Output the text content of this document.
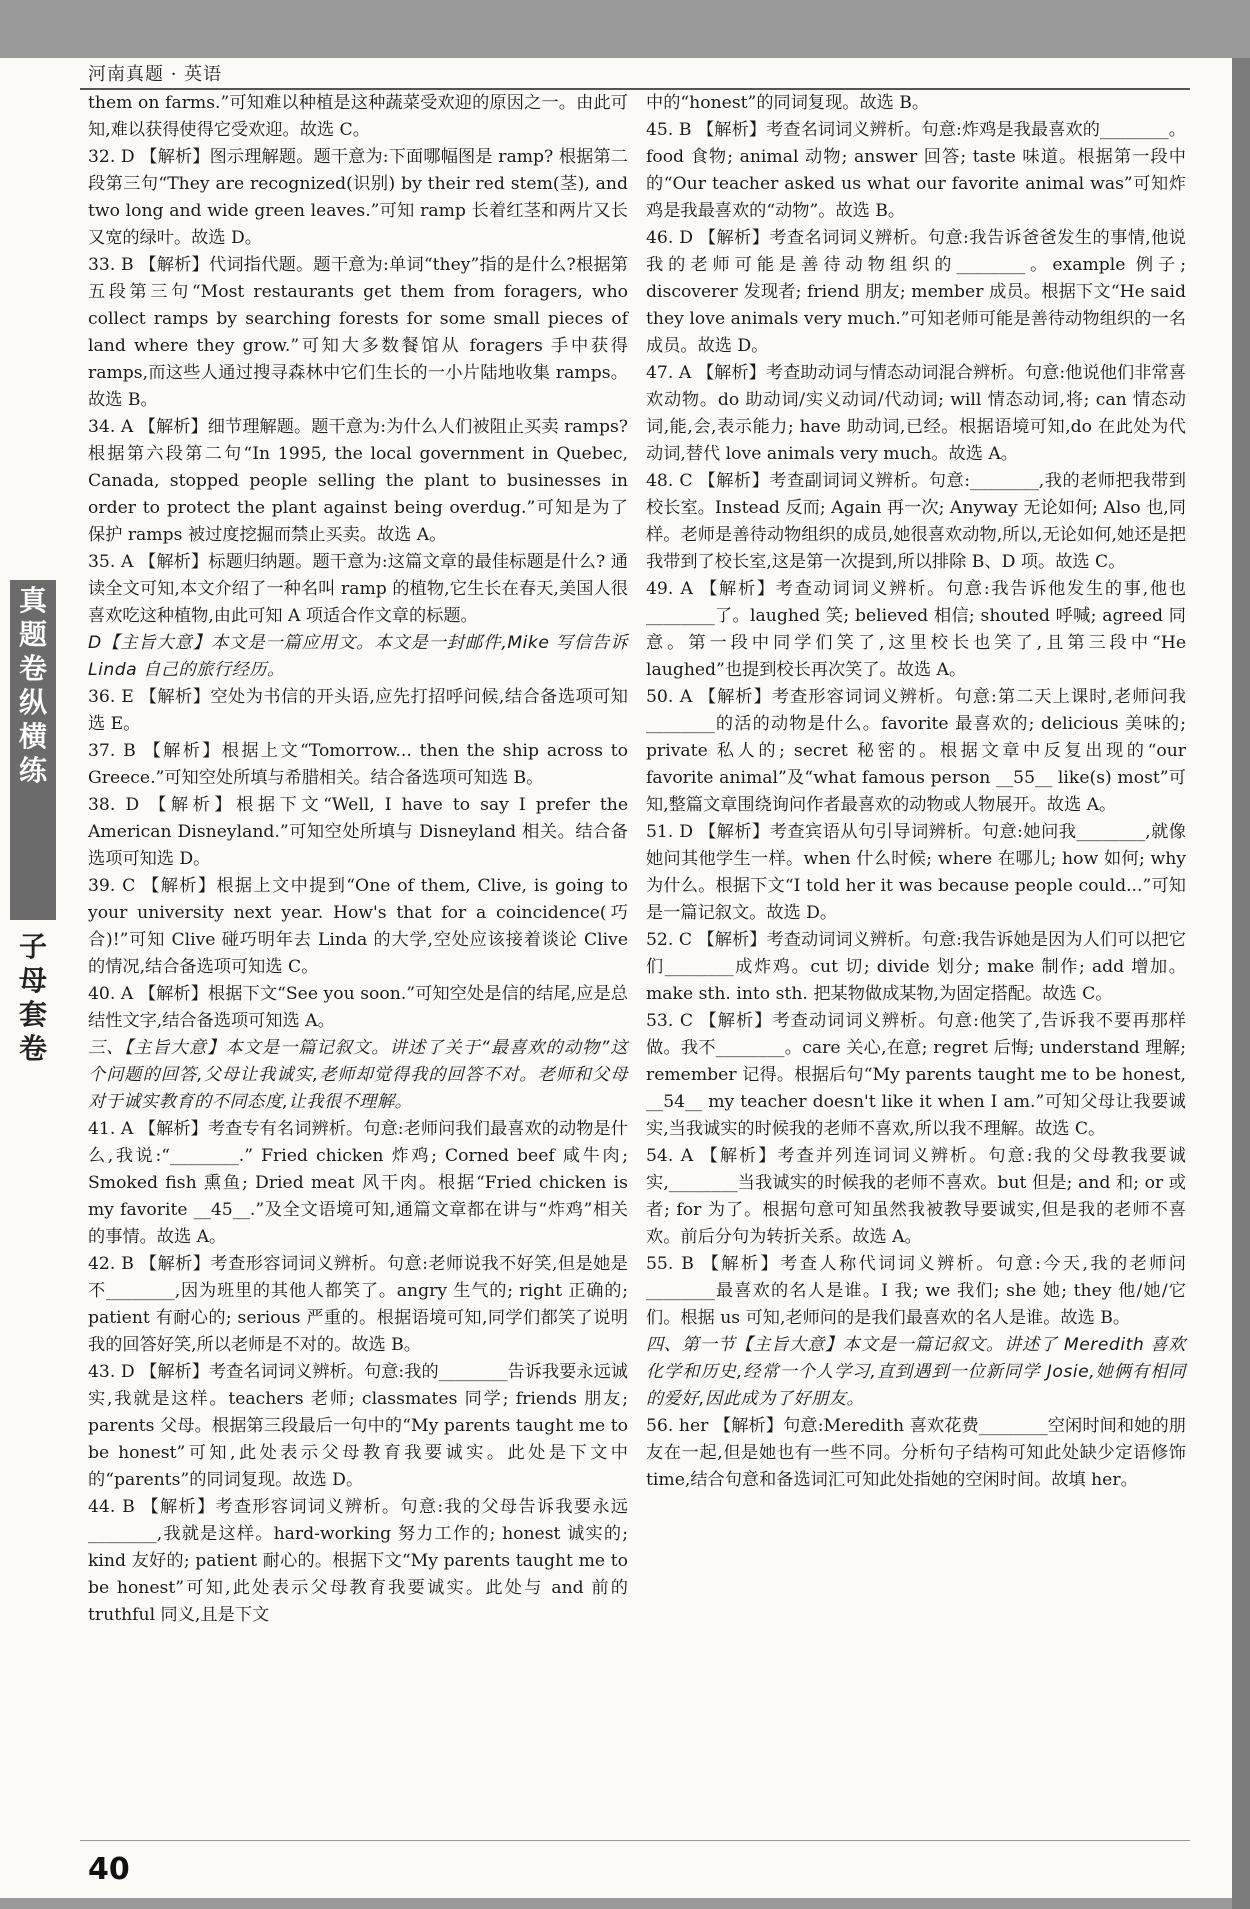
河南真题 · 英语
真
题
卷
纵
横
练
子
母
套
卷

them on farms.”可知难以种植是这种蔬菜受欢迎的原因之一。由此可知,难以获得使得它受欢迎。故选 C。

32. D 【解析】图示理解题。题干意为:下面哪幅图是 ramp? 根据第二段第三句“They are recognized(识别) by their red stem(茎), and two long and wide green leaves.”可知 ramp 长着红茎和两片又长又宽的绿叶。故选 D。

33. B 【解析】代词指代题。题干意为:单词“they”指的是什么?根据第五段第三句“Most restaurants get them from foragers, who collect ramps by searching forests for some small pieces of land where they grow.”可知大多数餐馆从 foragers 手中获得 ramps,而这些人通过搜寻森林中它们生长的一小片陆地收集 ramps。故选 B。

34. A 【解析】细节理解题。题干意为:为什么人们被阻止买卖 ramps? 根据第六段第二句“In 1995, the local government in Quebec, Canada, stopped people selling the plant to businesses in order to protect the plant against being overdug.”可知是为了保护 ramps 被过度挖掘而禁止买卖。故选 A。

35. A 【解析】标题归纳题。题干意为:这篇文章的最佳标题是什么? 通读全文可知,本文介绍了一种名叫 ramp 的植物,它生长在春天,美国人很喜欢吃这种植物,由此可知 A 项适合作文章的标题。

D【主旨大意】本文是一篇应用文。本文是一封邮件,Mike 写信告诉 Linda 自己的旅行经历。

36. E 【解析】空处为书信的开头语,应先打招呼问候,结合备选项可知选 E。

37. B 【解析】根据上文“Tomorrow... then the ship across to Greece.”可知空处所填与希腊相关。结合备选项可知选 B。

38. D 【解析】根据下文“Well, I have to say I prefer the American Disneyland.”可知空处所填与 Disneyland 相关。结合备选项可知选 D。

39. C 【解析】根据上文中提到“One of them, Clive, is going to your university next year. How's that for a coincidence(巧合)!”可知 Clive 碰巧明年去 Linda 的大学,空处应该接着谈论 Clive 的情况,结合备选项可知选 C。

40. A 【解析】根据下文“See you soon.”可知空处是信的结尾,应是总结性文字,结合备选项可知选 A。

三、【主旨大意】本文是一篇记叙文。讲述了关于“最喜欢的动物”这个问题的回答,父母让我诚实,老师却觉得我的回答不对。老师和父母对于诚实教育的不同态度,让我很不理解。

41. A 【解析】考查专有名词辨析。句意:老师问我们最喜欢的动物是什么,我说:“________.” Fried chicken 炸鸡; Corned beef 咸牛肉; Smoked fish 熏鱼; Dried meat 风干肉。根据“Fried chicken is my favorite __45__.”及全文语境可知,通篇文章都在讲与“炸鸡”相关的事情。故选 A。

42. B 【解析】考查形容词词义辨析。句意:老师说我不好笑,但是她是不________,因为班里的其他人都笑了。angry 生气的; right 正确的; patient 有耐心的; serious 严重的。根据语境可知,同学们都笑了说明我的回答好笑,所以老师是不对的。故选 B。

43. D 【解析】考查名词词义辨析。句意:我的________告诉我要永远诚实,我就是这样。teachers 老师; classmates 同学; friends 朋友; parents 父母。根据第三段最后一句中的“My parents taught me to be honest”可知,此处表示父母教育我要诚实。此处是下文中的“parents”的同词复现。故选 D。

44. B 【解析】考查形容词词义辨析。句意:我的父母告诉我要永远________,我就是这样。hard-working 努力工作的; honest 诚实的; kind 友好的; patient 耐心的。根据下文“My parents taught me to be honest”可知,此处表示父母教育我要诚实。此处与 and 前的 truthful 同义,且是下文

中的“honest”的同词复现。故选 B。

45. B 【解析】考查名词词义辨析。句意:炸鸡是我最喜欢的________。food 食物; animal 动物; answer 回答; taste 味道。根据第一段中的“Our teacher asked us what our favorite animal was”可知炸鸡是我最喜欢的“动物”。故选 B。

46. D 【解析】考查名词词义辨析。句意:我告诉爸爸发生的事情,他说我的老师可能是善待动物组织的________。example 例子; discoverer 发现者; friend 朋友; member 成员。根据下文“He said they love animals very much.”可知老师可能是善待动物组织的一名成员。故选 D。

47. A 【解析】考查助动词与情态动词混合辨析。句意:他说他们非常喜欢动物。do 助动词/实义动词/代动词; will 情态动词,将; can 情态动词,能,会,表示能力; have 助动词,已经。根据语境可知,do 在此处为代动词,替代 love animals very much。故选 A。

48. C 【解析】考查副词词义辨析。句意:________,我的老师把我带到校长室。Instead 反而; Again 再一次; Anyway 无论如何; Also 也,同样。老师是善待动物组织的成员,她很喜欢动物,所以,无论如何,她还是把我带到了校长室,这是第一次提到,所以排除 B、D 项。故选 C。

49. A 【解析】考查动词词义辨析。句意:我告诉他发生的事,他也________了。laughed 笑; believed 相信; shouted 呼喊; agreed 同意。第一段中同学们笑了,这里校长也笑了,且第三段中“He laughed”也提到校长再次笑了。故选 A。

50. A 【解析】考查形容词词义辨析。句意:第二天上课时,老师问我________的活的动物是什么。favorite 最喜欢的; delicious 美味的; private 私人的; secret 秘密的。根据文章中反复出现的“our favorite animal”及“what famous person __55__ like(s) most”可知,整篇文章围绕询问作者最喜欢的动物或人物展开。故选 A。

51. D 【解析】考查宾语从句引导词辨析。句意:她问我________,就像她问其他学生一样。when 什么时候; where 在哪儿; how 如何; why 为什么。根据下文“I told her it was because people could...”可知是一篇记叙文。故选 D。

52. C 【解析】考查动词词义辨析。句意:我告诉她是因为人们可以把它们________成炸鸡。cut 切; divide 划分; make 制作; add 增加。make sth. into sth. 把某物做成某物,为固定搭配。故选 C。

53. C 【解析】考查动词词义辨析。句意:他笑了,告诉我不要再那样做。我不________。care 关心,在意; regret 后悔; understand 理解; remember 记得。根据后句“My parents taught me to be honest, __54__ my teacher doesn't like it when I am.”可知父母让我要诚实,当我诚实的时候我的老师不喜欢,所以我不理解。故选 C。

54. A 【解析】考查并列连词词义辨析。句意:我的父母教我要诚实,________当我诚实的时候我的老师不喜欢。but 但是; and 和; or 或者; for 为了。根据句意可知虽然我被教导要诚实,但是我的老师不喜欢。前后分句为转折关系。故选 A。

55. B 【解析】考查人称代词词义辨析。句意:今天,我的老师问________最喜欢的名人是谁。I 我; we 我们; she 她; they 他/她/它们。根据 us 可知,老师问的是我们最喜欢的名人是谁。故选 B。

四、第一节【主旨大意】本文是一篇记叙文。讲述了 Meredith 喜欢化学和历史,经常一个人学习,直到遇到一位新同学 Josie,她俩有相同的爱好,因此成为了好朋友。

56. her 【解析】句意:Meredith 喜欢花费________空闲时间和她的朋友在一起,但是她也有一些不同。分析句子结构可知此处缺少定语修饰 time,结合句意和备选词汇可知此处指她的空闲时间。故填 her。

40
